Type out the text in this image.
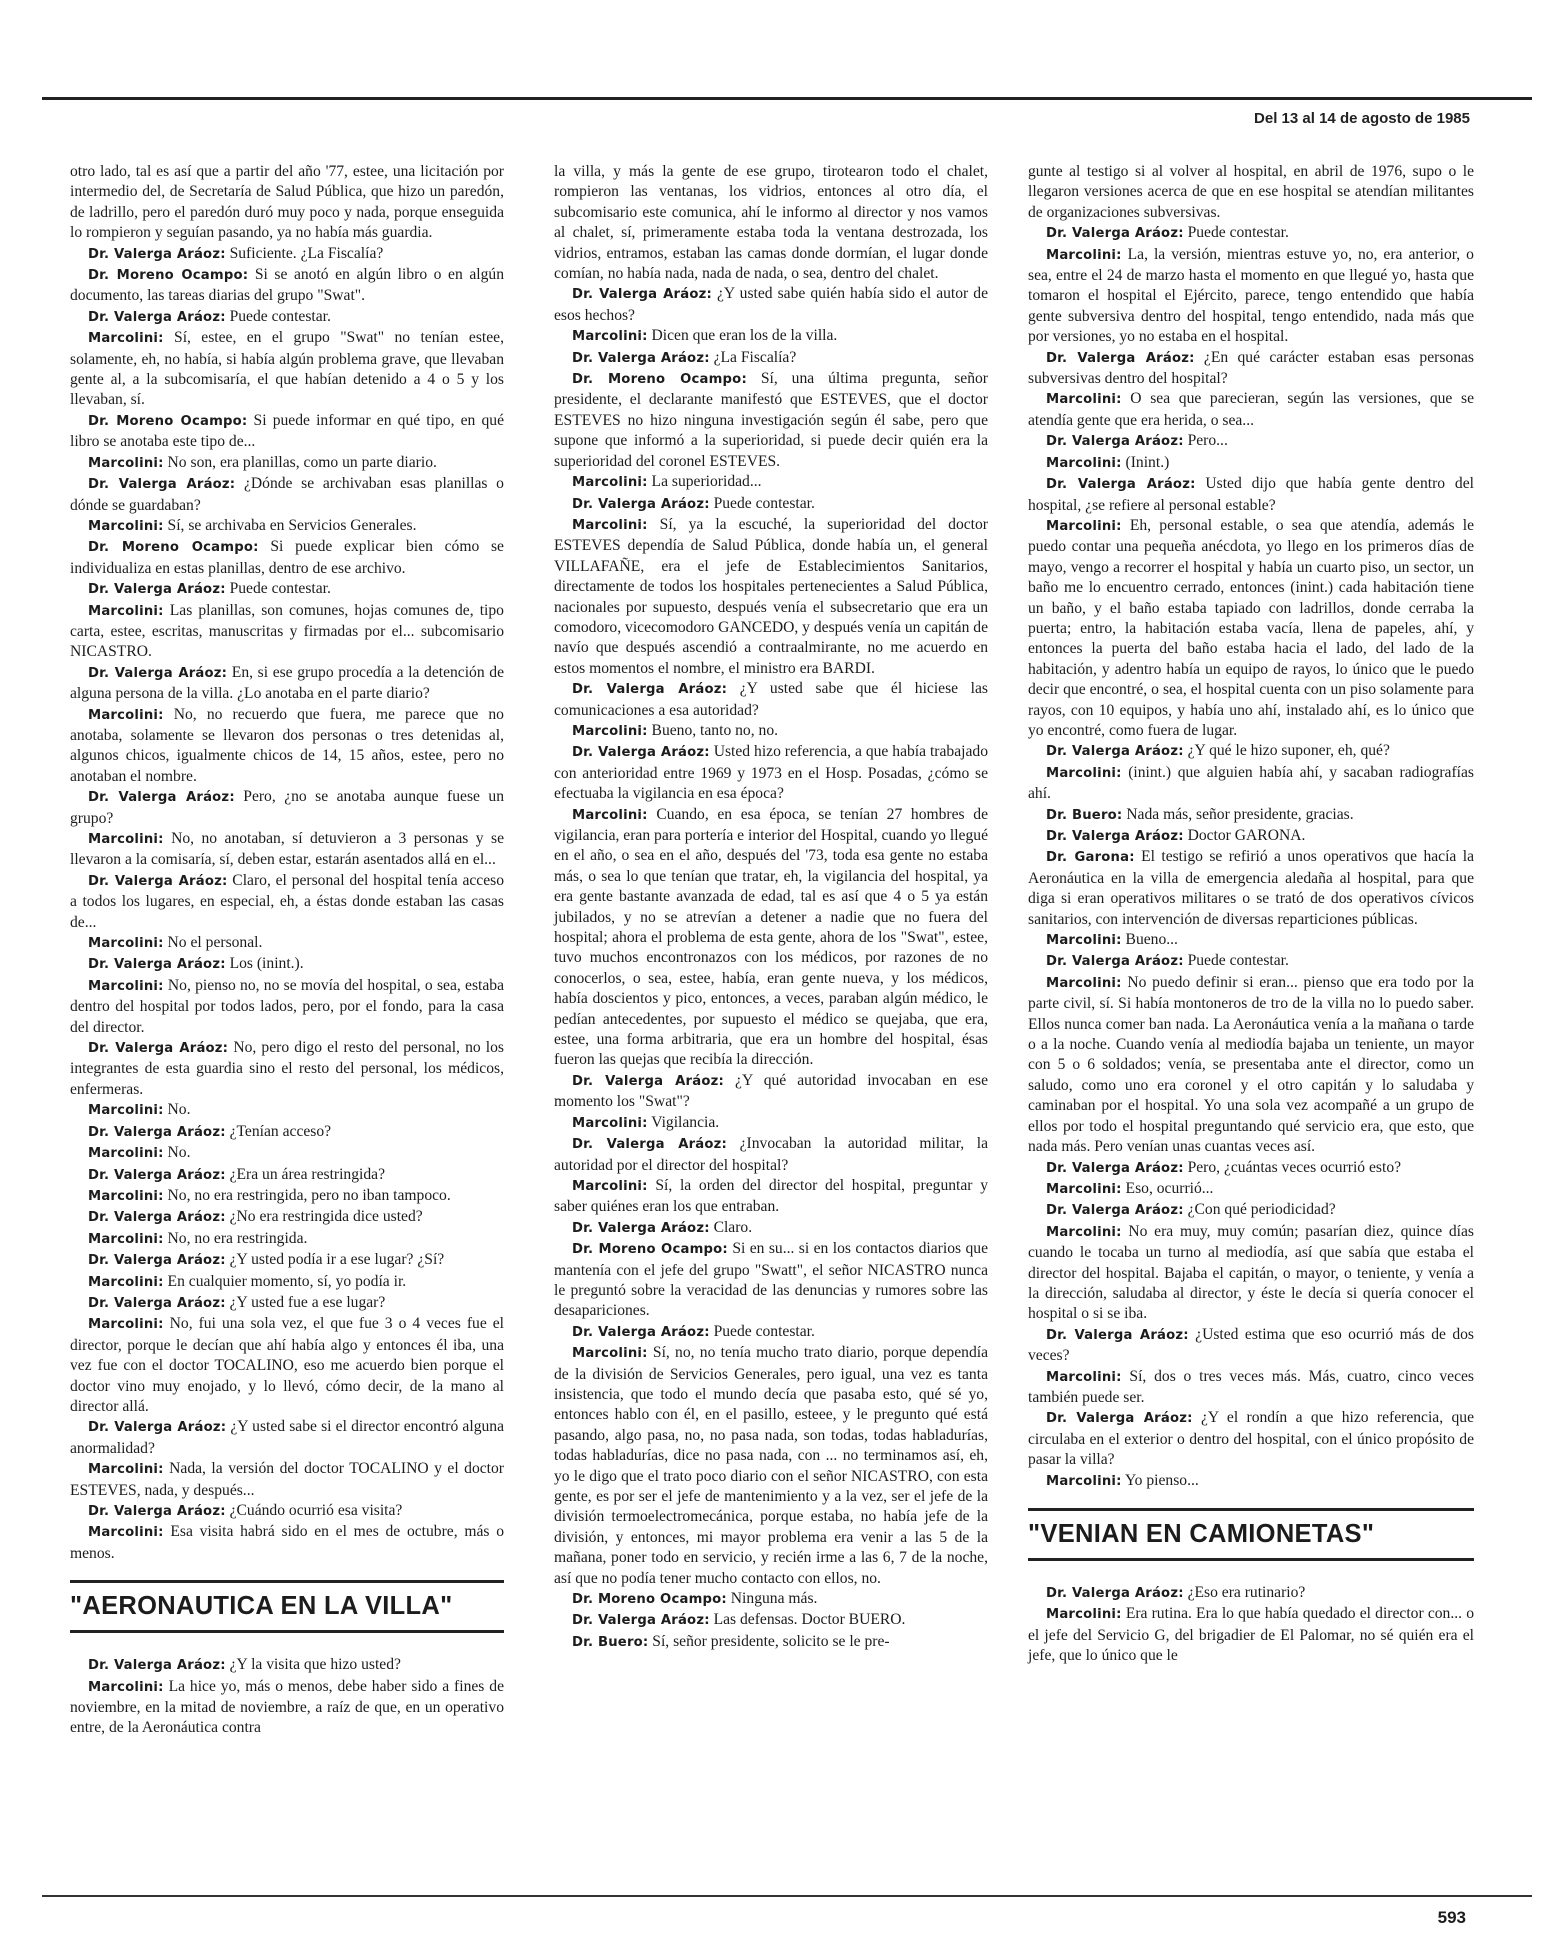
Del 13 al 14 de agosto de 1985

otro lado, tal es así que a partir del año '77, estee, una licitación por intermedio del, de Secretaría de Salud Pública, que hizo un paredón, de ladrillo, pero el paredón duró muy poco y nada, porque enseguida lo rompieron y seguían pasando, ya no había más guardia.

Dr. Valerga Aráoz: Suficiente. ¿La Fiscalía?

Dr. Moreno Ocampo: Si se anotó en algún libro o en algún documento, las tareas diarias del grupo "Swat".

Dr. Valerga Aráoz: Puede contestar.

Marcolini: Sí, estee, en el grupo "Swat" no tenían estee, solamente, eh, no había, si había algún problema grave, que llevaban gente al, a la subcomisaría, el que habían detenido a 4 o 5 y los llevaban, sí.

Dr. Moreno Ocampo: Si puede informar en qué tipo, en qué libro se anotaba este tipo de...

Marcolini: No son, era planillas, como un parte diario.

Dr. Valerga Aráoz: ¿Dónde se archivaban esas planillas o dónde se guardaban?

Marcolini: Sí, se archivaba en Servicios Generales.

Dr. Moreno Ocampo: Si puede explicar bien cómo se individualiza en estas planillas, dentro de ese archivo.

Dr. Valerga Aráoz: Puede contestar.

Marcolini: Las planillas, son comunes, hojas comunes de, tipo carta, estee, escritas, manuscritas y firmadas por el... subcomisario NICASTRO.

Dr. Valerga Aráoz: En, si ese grupo procedía a la detención de alguna persona de la villa. ¿Lo anotaba en el parte diario?

Marcolini: No, no recuerdo que fuera, me parece que no anotaba, solamente se llevaron dos personas o tres detenidas al, algunos chicos, igualmente chicos de 14, 15 años, estee, pero no anotaban el nombre.

Dr. Valerga Aráoz: Pero, ¿no se anotaba aunque fuese un grupo?

Marcolini: No, no anotaban, sí detuvieron a 3 personas y se llevaron a la comisaría, sí, deben estar, estarán asentados allá en el...

Dr. Valerga Aráoz: Claro, el personal del hospital tenía acceso a todos los lugares, en especial, eh, a éstas donde estaban las casas de...

Marcolini: No el personal.

Dr. Valerga Aráoz: Los (inint.).

Marcolini: No, pienso no, no se movía del hospital, o sea, estaba dentro del hospital por todos lados, pero, por el fondo, para la casa del director.

Dr. Valerga Aráoz: No, pero digo el resto del personal, no los integrantes de esta guardia sino el resto del personal, los médicos, enfermeras.

Marcolini: No.

Dr. Valerga Aráoz: ¿Tenían acceso?

Marcolini: No.

Dr. Valerga Aráoz: ¿Era un área restringida?

Marcolini: No, no era restringida, pero no iban tampoco.

Dr. Valerga Aráoz: ¿No era restringida dice usted?

Marcolini: No, no era restringida.

Dr. Valerga Aráoz: ¿Y usted podía ir a ese lugar? ¿Sí?

Marcolini: En cualquier momento, sí, yo podía ir.

Dr. Valerga Aráoz: ¿Y usted fue a ese lugar?

Marcolini: No, fui una sola vez, el que fue 3 o 4 veces fue el director, porque le decían que ahí había algo y entonces él iba, una vez fue con el doctor TOCALINO, eso me acuerdo bien porque el doctor vino muy enojado, y lo llevó, cómo decir, de la mano al director allá.

Dr. Valerga Aráoz: ¿Y usted sabe si el director encontró alguna anormalidad?

Marcolini: Nada, la versión del doctor TOCALINO y el doctor ESTEVES, nada, y después...

Dr. Valerga Aráoz: ¿Cuándo ocurrió esa visita?

Marcolini: Esa visita habrá sido en el mes de octubre, más o menos.

"AERONAUTICA EN LA VILLA"

Dr. Valerga Aráoz: ¿Y la visita que hizo usted?

Marcolini: La hice yo, más o menos, debe haber sido a fines de noviembre, en la mitad de noviembre, a raíz de que, en un operativo entre, de la Aeronáutica contra

la villa, y más la gente de ese grupo, tirotearon todo el chalet, rompieron las ventanas, los vidrios, entonces al otro día, el subcomisario este comunica, ahí le informo al director y nos vamos al chalet, sí, primeramente estaba toda la ventana destrozada, los vidrios, entramos, estaban las camas donde dormían, el lugar donde comían, no había nada, nada de nada, o sea, dentro del chalet.

Dr. Valerga Aráoz: ¿Y usted sabe quién había sido el autor de esos hechos?

Marcolini: Dicen que eran los de la villa.

Dr. Valerga Aráoz: ¿La Fiscalía?

Dr. Moreno Ocampo: Sí, una última pregunta, señor presidente, el declarante manifestó que ESTEVES, que el doctor ESTEVES no hizo ninguna investigación según él sabe, pero que supone que informó a la superioridad, si puede decir quién era la superioridad del coronel ESTEVES.

Marcolini: La superioridad...

Dr. Valerga Aráoz: Puede contestar.

Marcolini: Sí, ya la escuché, la superioridad del doctor ESTEVES dependía de Salud Pública, donde había un, el general VILLAFAÑE, era el jefe de Establecimientos Sanitarios, directamente de todos los hospitales pertenecientes a Salud Pública, nacionales por supuesto, después venía el subsecretario que era un comodoro, vicecomodoro GANCEDO, y después venía un capitán de navío que después ascendió a contraalmirante, no me acuerdo en estos momentos el nombre, el ministro era BARDI.

Dr. Valerga Aráoz: ¿Y usted sabe que él hiciese las comunicaciones a esa autoridad?

Marcolini: Bueno, tanto no, no.

Dr. Valerga Aráoz: Usted hizo referencia, a que había trabajado con anterioridad entre 1969 y 1973 en el Hosp. Posadas, ¿cómo se efectuaba la vigilancia en esa época?

Marcolini: Cuando, en esa época, se tenían 27 hombres de vigilancia, eran para portería e interior del Hospital, cuando yo llegué en el año, o sea en el año, después del '73, toda esa gente no estaba más, o sea lo que tenían que tratar, eh, la vigilancia del hospital, ya era gente bastante avanzada de edad, tal es así que 4 o 5 ya están jubilados, y no se atrevían a detener a nadie que no fuera del hospital; ahora el problema de esta gente, ahora de los "Swat", estee, tuvo muchos encontronazos con los médicos, por razones de no conocerlos, o sea, estee, había, eran gente nueva, y los médicos, había doscientos y pico, entonces, a veces, paraban algún médico, le pedían antecedentes, por supuesto el médico se quejaba, que era, estee, una forma arbitraria, que era un hombre del hospital, ésas fueron las quejas que recibía la dirección.

Dr. Valerga Aráoz: ¿Y qué autoridad invocaban en ese momento los "Swat"?

Marcolini: Vigilancia.

Dr. Valerga Aráoz: ¿Invocaban la autoridad militar, la autoridad por el director del hospital?

Marcolini: Sí, la orden del director del hospital, preguntar y saber quiénes eran los que entraban.

Dr. Valerga Aráoz: Claro.

Dr. Moreno Ocampo: Si en su... si en los contactos diarios que mantenía con el jefe del grupo "Swatt", el señor NICASTRO nunca le preguntó sobre la veracidad de las denuncias y rumores sobre las desapariciones.

Dr. Valerga Aráoz: Puede contestar.

Marcolini: Sí, no, no tenía mucho trato diario, porque dependía de la división de Servicios Generales, pero igual, una vez es tanta insistencia, que todo el mundo decía que pasaba esto, qué sé yo, entonces hablo con él, en el pasillo, esteee, y le pregunto qué está pasando, algo pasa, no, no pasa nada, son todas, todas habladurías, todas habladurías, dice no pasa nada, con ... no terminamos así, eh, yo le digo que el trato poco diario con el señor NICASTRO, con esta gente, es por ser el jefe de mantenimiento y a la vez, ser el jefe de la división termoelectromecánica, porque estaba, no había jefe de la división, y entonces, mi mayor problema era venir a las 5 de la mañana, poner todo en servicio, y recién irme a las 6, 7 de la noche, así que no podía tener mucho contacto con ellos, no.

Dr. Moreno Ocampo: Ninguna más.

Dr. Valerga Aráoz: Las defensas. Doctor BUERO.

Dr. Buero: Sí, señor presidente, solicito se le pre-

gunte al testigo si al volver al hospital, en abril de 1976, supo o le llegaron versiones acerca de que en ese hospital se atendían militantes de organizaciones subversivas.

Dr. Valerga Aráoz: Puede contestar.

Marcolini: La, la versión, mientras estuve yo, no, era anterior, o sea, entre el 24 de marzo hasta el momento en que llegué yo, hasta que tomaron el hospital el Ejército, parece, tengo entendido que había gente subversiva dentro del hospital, tengo entendido, nada más que por versiones, yo no estaba en el hospital.

Dr. Valerga Aráoz: ¿En qué carácter estaban esas personas subversivas dentro del hospital?

Marcolini: O sea que parecieran, según las versiones, que se atendía gente que era herida, o sea...

Dr. Valerga Aráoz: Pero...

Marcolini: (Inint.)

Dr. Valerga Aráoz: Usted dijo que había gente dentro del hospital, ¿se refiere al personal estable?

Marcolini: Eh, personal estable, o sea que atendía, además le puedo contar una pequeña anécdota, yo llego en los primeros días de mayo, vengo a recorrer el hospital y había un cuarto piso, un sector, un baño me lo encuentro cerrado, entonces (inint.) cada habitación tiene un baño, y el baño estaba tapiado con ladrillos, donde cerraba la puerta; entro, la habitación estaba vacía, llena de papeles, ahí, y entonces la puerta del baño estaba hacia el lado, del lado de la habitación, y adentro había un equipo de rayos, lo único que le puedo decir que encontré, o sea, el hospital cuenta con un piso solamente para rayos, con 10 equipos, y había uno ahí, instalado ahí, es lo único que yo encontré, como fuera de lugar.

Dr. Valerga Aráoz: ¿Y qué le hizo suponer, eh, qué?

Marcolini: (inint.) que alguien había ahí, y sacaban radiografías ahí.

Dr. Buero: Nada más, señor presidente, gracias.

Dr. Valerga Aráoz: Doctor GARONA.

Dr. Garona: El testigo se refirió a unos operativos que hacía la Aeronáutica en la villa de emergencia aledaña al hospital, para que diga si eran operativos militares o se trató de dos operativos cívicos sanitarios, con intervención de diversas reparticiones públicas.

Marcolini: Bueno...

Dr. Valerga Aráoz: Puede contestar.

Marcolini: No puedo definir si eran... pienso que era todo por la parte civil, sí. Si había montoneros de tro de la villa no lo puedo saber. Ellos nunca comer ban nada. La Aeronáutica venía a la mañana o tarde o a la noche. Cuando venía al mediodía bajaba un teniente, un mayor con 5 o 6 soldados; venía, se presentaba ante el director, como un saludo, como uno era coronel y el otro capitán y lo saludaba y caminaban por el hospital. Yo una sola vez acompañé a un grupo de ellos por todo el hospital preguntando qué servicio era, que esto, que nada más. Pero venían unas cuantas veces así.

Dr. Valerga Aráoz: Pero, ¿cuántas veces ocurrió esto?

Marcolini: Eso, ocurrió...

Dr. Valerga Aráoz: ¿Con qué periodicidad?

Marcolini: No era muy, muy común; pasarían diez, quince días cuando le tocaba un turno al mediodía, así que sabía que estaba el director del hospital. Bajaba el capitán, o mayor, o teniente, y venía a la dirección, saludaba al director, y éste le decía si quería conocer el hospital o si se iba.

Dr. Valerga Aráoz: ¿Usted estima que eso ocurrió más de dos veces?

Marcolini: Sí, dos o tres veces más. Más, cuatro, cinco veces también puede ser.

Dr. Valerga Aráoz: ¿Y el rondín a que hizo referencia, que circulaba en el exterior o dentro del hospital, con el único propósito de pasar la villa?

Marcolini: Yo pienso...

"VENIAN EN CAMIONETAS"

Dr. Valerga Aráoz: ¿Eso era rutinario?

Marcolini: Era rutina. Era lo que había quedado el director con... o el jefe del Servicio G, del brigadier de El Palomar, no sé quién era el jefe, que lo único que le

593
